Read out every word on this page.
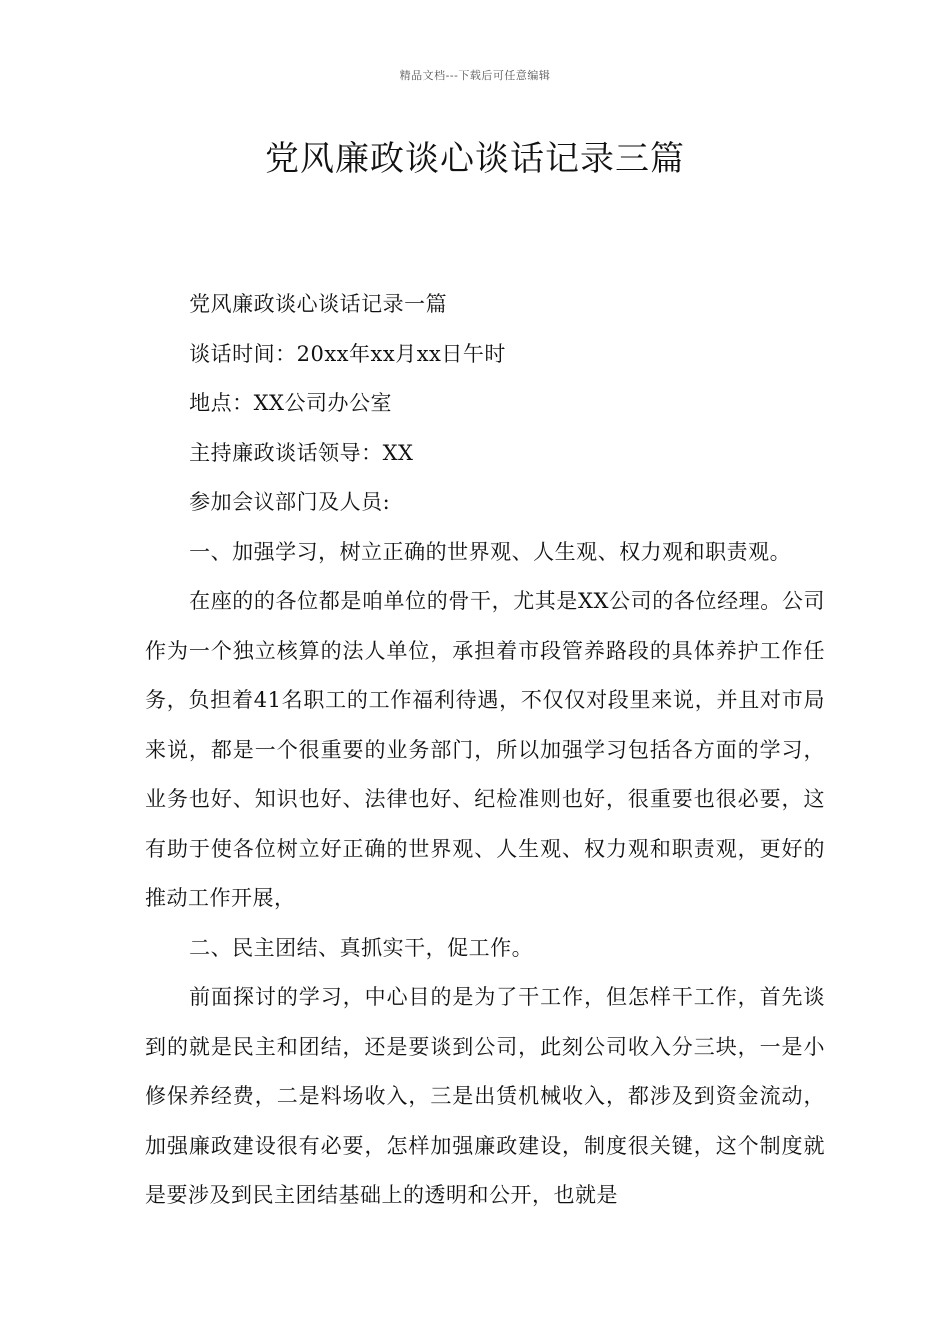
精品文档---下载后可任意编辑
党风廉政谈心谈话记录三篇

党风廉政谈心谈话记录一篇

谈话时间：20xx年xx月xx日午时

地点：XX公司办公室

主持廉政谈话领导：XX

参加会议部门及人员:

一、加强学习，树立正确的世界观、人生观、权力观和职责观。

在座的的各位都是咱单位的骨干，尤其是XX公司的各位经理。公司作为一个独立核算的法人单位，承担着市段管养路段的具体养护工作任务，负担着41名职工的工作福利待遇，不仅仅对段里来说，并且对市局来说，都是一个很重要的业务部门，所以加强学习包括各方面的学习，业务也好、知识也好、法律也好、纪检准则也好，很重要也很必要，这有助于使各位树立好正确的世界观、人生观、权力观和职责观，更好的推动工作开展，

二、民主团结、真抓实干，促工作。

前面探讨的学习，中心目的是为了干工作，但怎样干工作，首先谈到的就是民主和团结，还是要谈到公司，此刻公司收入分三块，一是小修保养经费，二是料场收入，三是出赁机械收入，都涉及到资金流动，加强廉政建设很有必要，怎样加强廉政建设，制度很关键，这个制度就是要涉及到民主团结基础上的透明和公开，也就是
